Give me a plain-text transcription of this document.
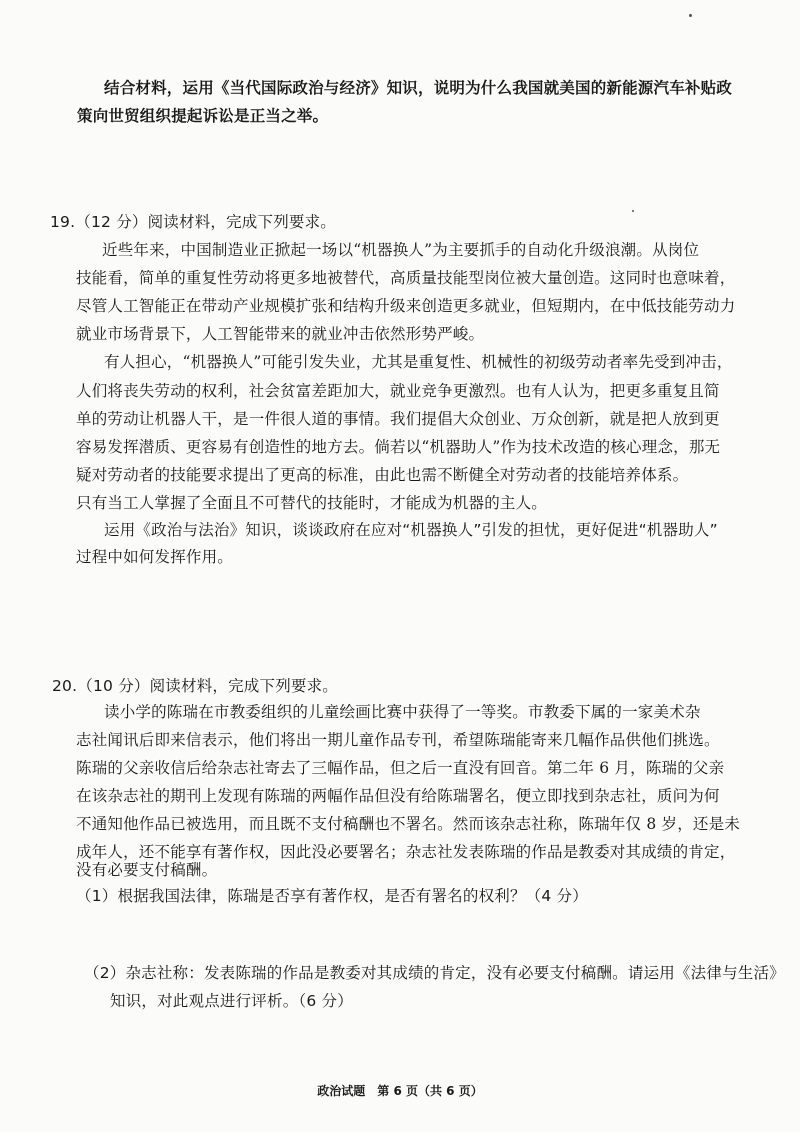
结合材料，运用《当代国际政治与经济》知识，说明为什么我国就美国的新能源汽车补贴政
策向世贸组织提起诉讼是正当之举。
19.（12 分）阅读材料，完成下列要求。
近些年来，中国制造业正掀起一场以“机器换人”为主要抓手的自动化升级浪潮。从岗位
技能看，简单的重复性劳动将更多地被替代，高质量技能型岗位被大量创造。这同时也意味着，
尽管人工智能正在带动产业规模扩张和结构升级来创造更多就业，但短期内，在中低技能劳动力
就业市场背景下，人工智能带来的就业冲击依然形势严峻。
有人担心，“机器换人”可能引发失业，尤其是重复性、机械性的初级劳动者率先受到冲击，
人们将丧失劳动的权利，社会贫富差距加大，就业竞争更激烈。也有人认为，把更多重复且简
单的劳动让机器人干，是一件很人道的事情。我们提倡大众创业、万众创新，就是把人放到更
容易发挥潜质、更容易有创造性的地方去。倘若以“机器助人”作为技术改造的核心理念，那无
疑对劳动者的技能要求提出了更高的标准，由此也需不断健全对劳动者的技能培养体系。
只有当工人掌握了全面且不可替代的技能时，才能成为机器的主人。
运用《政治与法治》知识，谈谈政府在应对“机器换人”引发的担忧，更好促进“机器助人”
过程中如何发挥作用。
20.（10 分）阅读材料，完成下列要求。
读小学的陈瑞在市教委组织的儿童绘画比赛中获得了一等奖。市教委下属的一家美术杂
志社闻讯后即来信表示，他们将出一期儿童作品专刊，希望陈瑞能寄来几幅作品供他们挑选。
陈瑞的父亲收信后给杂志社寄去了三幅作品，但之后一直没有回音。第二年 6 月，陈瑞的父亲
在该杂志社的期刊上发现有陈瑞的两幅作品但没有给陈瑞署名，便立即找到杂志社，质问为何
不通知他作品已被选用，而且既不支付稿酬也不署名。然而该杂志社称，陈瑞年仅 8 岁，还是未
成年人，还不能享有著作权，因此没必要署名；杂志社发表陈瑞的作品是教委对其成绩的肯定，
没有必要支付稿酬。
（1）根据我国法律，陈瑞是否享有著作权，是否有署名的权利？（4 分）
（2）杂志社称：发表陈瑞的作品是教委对其成绩的肯定，没有必要支付稿酬。请运用《法律与生活》
知识，对此观点进行评析。（6 分）
政治试题　第 6 页（共 6 页）
